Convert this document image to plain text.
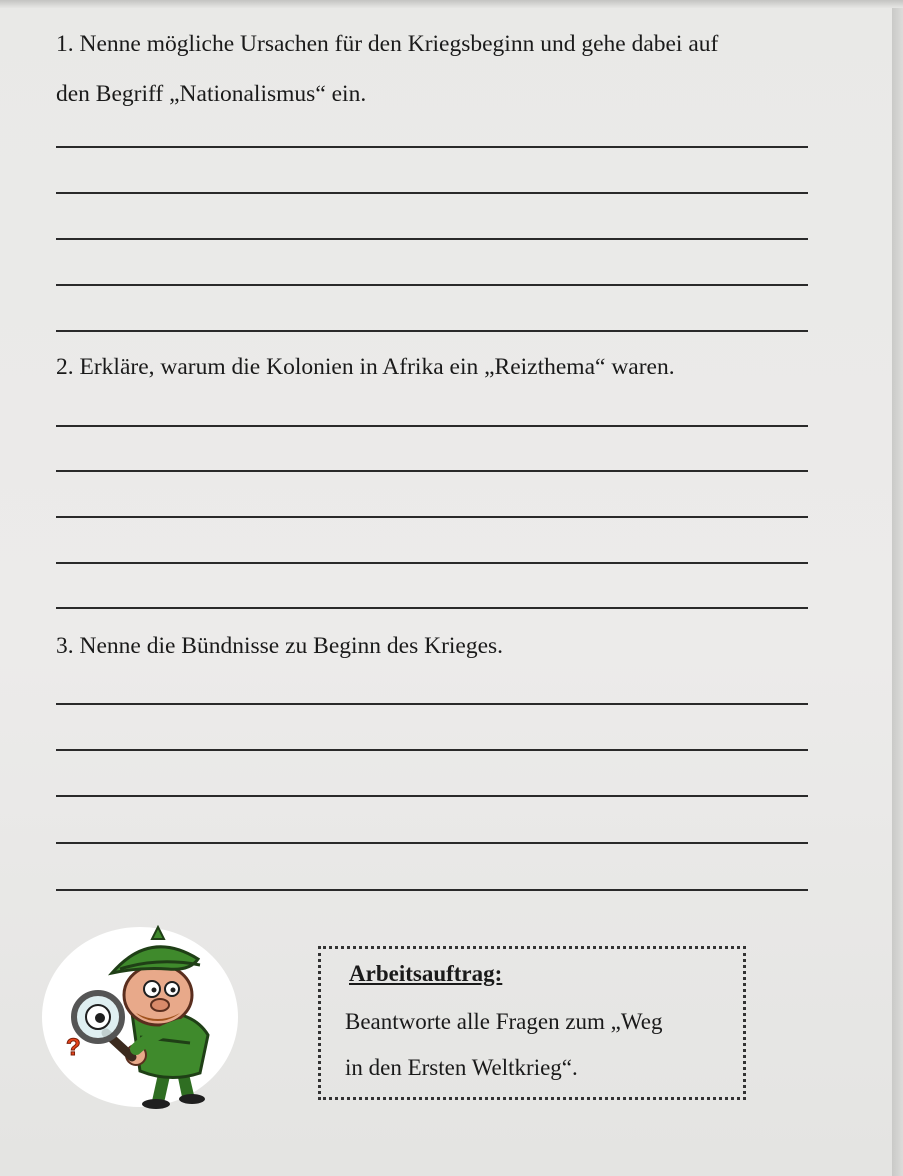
1. Nenne mögliche Ursachen für den Kriegsbeginn und gehe dabei auf
den Begriff „Nationalismus“ ein.
2. Erkläre, warum die Kolonien in Afrika ein „Reizthema“ waren.
3. Nenne die Bündnisse zu Beginn des Krieges.
?
Arbeitsauftrag:
Beantworte alle Fragen zum „Weg
in den Ersten Weltkrieg“.
